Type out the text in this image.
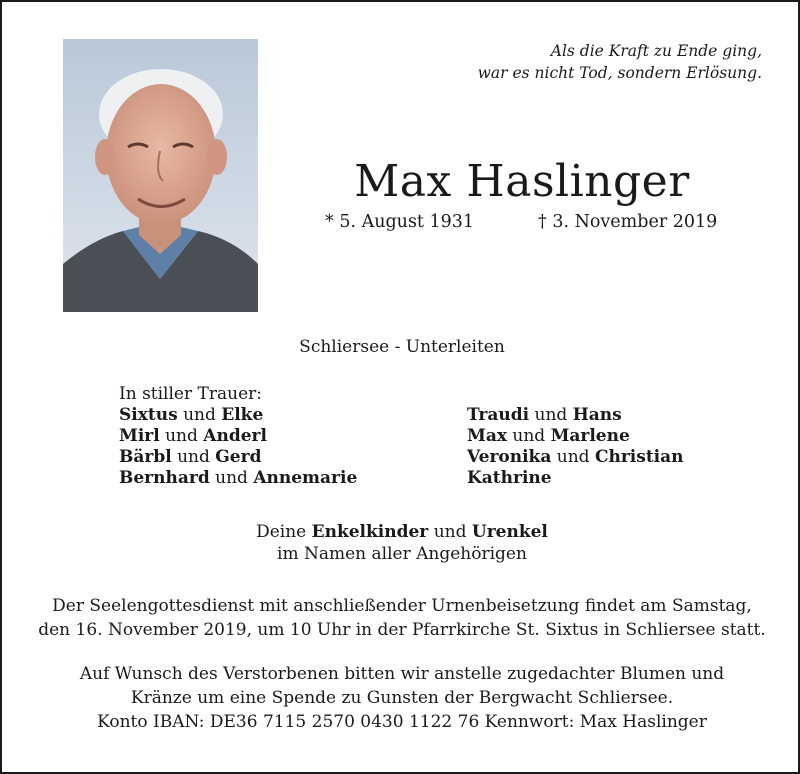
Als die Kraft zu Ende ging,
war es nicht Tod, sondern Erlösung.
Max Haslinger
* 5. August 1931	† 3. November 2019
Schliersee - Unterleiten
In stiller Trauer:
Sixtus und Elke
Mirl und Anderl
Bärbl und Gerd
Bernhard und Annemarie
Traudi und Hans
Max und Marlene
Veronika und Christian
Kathrine
Deine Enkelkinder und Urenkel
im Namen aller Angehörigen
Der Seelengottesdienst mit anschließender Urnenbeisetzung findet am Samstag,
den 16. November 2019, um 10 Uhr in der Pfarrkirche St. Sixtus in Schliersee statt.
Auf Wunsch des Verstorbenen bitten wir anstelle zugedachter Blumen und
Kränze um eine Spende zu Gunsten der Bergwacht Schliersee.
Konto IBAN: DE36 7115 2570 0430 1122 76 Kennwort: Max Haslinger
